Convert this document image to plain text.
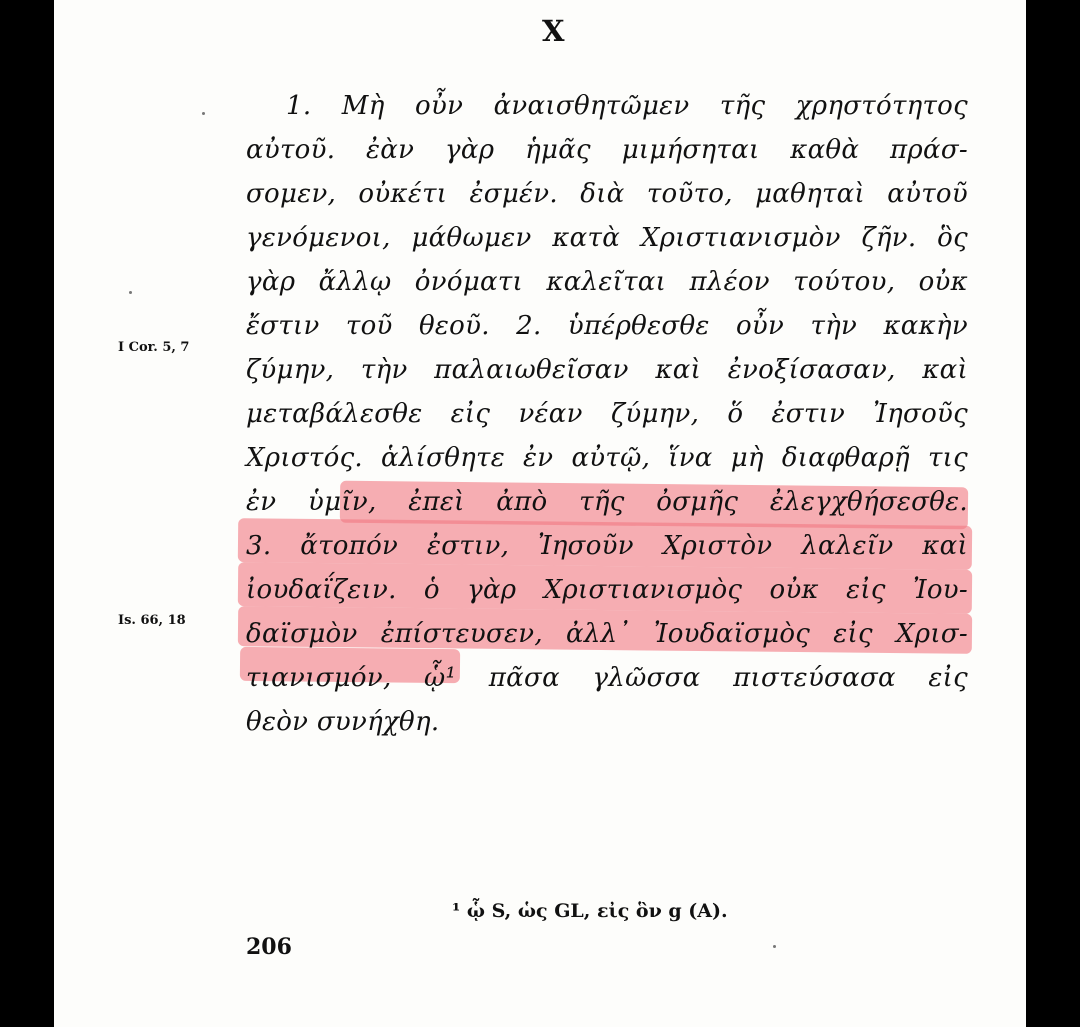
X
I Cor. 5, 7
Is. 66, 18
1. Μὴ οὖν ἀναισθητῶμεν τῆς χρηστότητος
αὐτοῦ. ἐὰν γὰρ ἡμᾶς μιμήσηται καθὰ πράσ-
σομεν, οὐκέτι ἐσμέν. διὰ τοῦτο, μαθηταὶ αὐτοῦ
γενόμενοι, μάθωμεν κατὰ Χριστιανισμὸν ζῆν. ὃς
γὰρ ἄλλῳ ὀνόματι καλεῖται πλέον τούτου, οὐκ
ἔστιν τοῦ θεοῦ. 2. ὑπέρθεσθε οὖν τὴν κακὴν
ζύμην, τὴν παλαιωθεῖσαν καὶ ἐνοξίσασαν, καὶ
μεταβάλεσθε εἰς νέαν ζύμην, ὅ ἐστιν Ἰησοῦς
Χριστός. ἁλίσθητε ἐν αὐτῷ, ἵνα μὴ διαφθαρῇ τις
ἐν ὑμῖν, ἐπεὶ ἀπὸ τῆς ὀσμῆς ἐλεγχθήσεσθε.
3. ἄτοπόν ἐστιν, Ἰησοῦν Χριστὸν λαλεῖν καὶ
ἰουδαΐζειν. ὁ γὰρ Χριστιανισμὸς οὐκ εἰς Ἰου-
δαϊσμὸν ἐπίστευσεν, ἀλλ᾽ Ἰουδαϊσμὸς εἰς Χρισ-
τιανισμόν, ᾧ¹ πᾶσα γλῶσσα πιστεύσασα εἰς
θεὸν συνήχθη.
¹ ᾧ S, ὡς GL, εἰς ὃν g (A).
206
